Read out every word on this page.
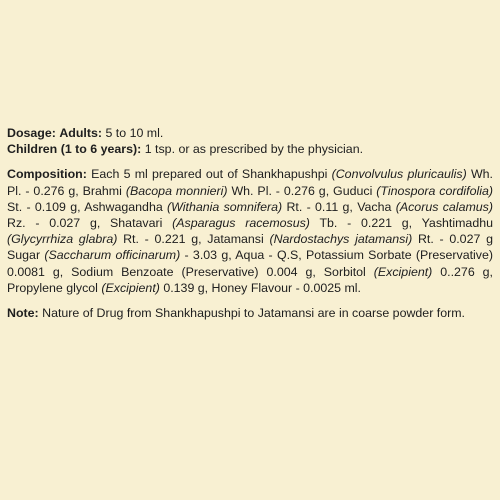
Dosage: Adults: 5 to 10 ml.

Children (1 to 6 years): 1 tsp. or as prescribed by the physician.

Composition: Each 5 ml prepared out of Shankhapushpi (Convolvulus pluricaulis) Wh. Pl. - 0.276 g, Brahmi (Bacopa monnieri) Wh. Pl. - 0.276 g, Guduci (Tinospora cordifolia) St. - 0.109 g, Ashwagandha (Withania somnifera) Rt. - 0.11 g, Vacha (Acorus calamus) Rz. - 0.027 g, Shatavari (Asparagus racemosus) Tb. - 0.221 g, Yashtimadhu (Glycyrrhiza glabra) Rt. - 0.221 g, Jatamansi (Nardostachys jatamansi) Rt. - 0.027 g Sugar (Saccharum officinarum) - 3.03 g, Aqua - Q.S, Potassium Sorbate (Preservative) 0.0081 g, Sodium Benzoate (Preservative) 0.004 g, Sorbitol (Excipient) 0..276 g, Propylene glycol (Excipient) 0.139 g, Honey Flavour - 0.0025 ml.

Note: Nature of Drug from Shankhapushpi to Jatamansi are in coarse powder form.
